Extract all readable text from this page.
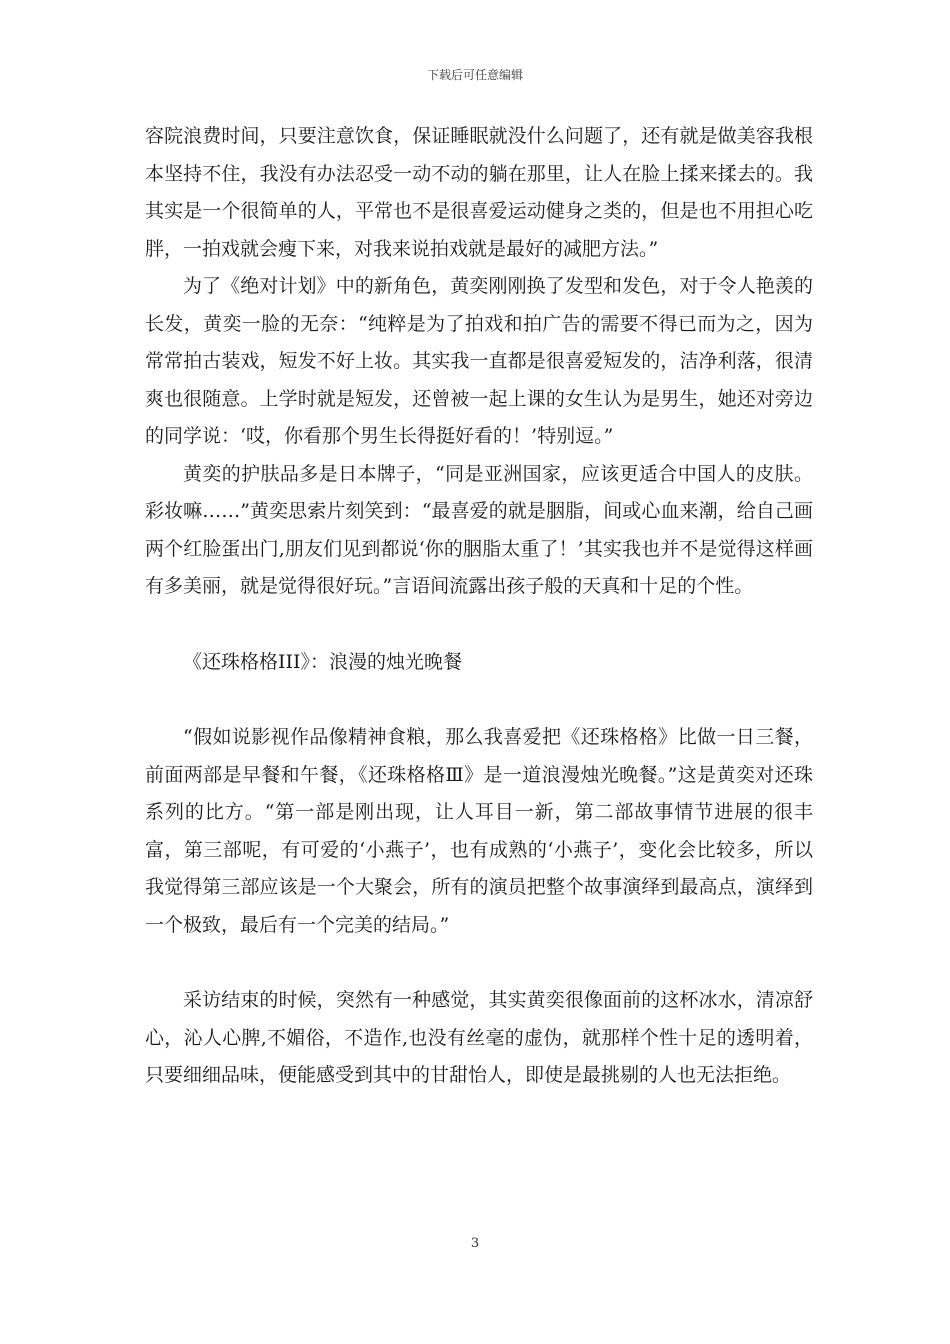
下载后可任意编辑

容院浪费时间，只要注意饮食，保证睡眠就没什么问题了，还有就是做美容我根本坚持不住，我没有办法忍受一动不动的躺在那里，让人在脸上揉来揉去的。我其实是一个很简单的人，平常也不是很喜爱运动健身之类的，但是也不用担心吃胖，一拍戏就会瘦下来，对我来说拍戏就是最好的减肥方法。”

为了《绝对计划》中的新角色，黄奕刚刚换了发型和发色，对于令人艳羡的长发，黄奕一脸的无奈：“纯粹是为了拍戏和拍广告的需要不得已而为之，因为常常拍古装戏，短发不好上妆。其实我一直都是很喜爱短发的，洁净利落，很清爽也很随意。上学时就是短发，还曾被一起上课的女生认为是男生，她还对旁边的同学说：‘哎，你看那个男生长得挺好看的！’特别逗。”

黄奕的护肤品多是日本牌子，“同是亚洲国家，应该更适合中国人的皮肤。彩妆嘛……”黄奕思索片刻笑到：“最喜爱的就是胭脂，间或心血来潮，给自己画两个红脸蛋出门,朋友们见到都说‘你的胭脂太重了！’其实我也并不是觉得这样画有多美丽，就是觉得很好玩。”言语间流露出孩子般的天真和十足的个性。

《还珠格格III》：浪漫的烛光晚餐

“假如说影视作品像精神食粮，那么我喜爱把《还珠格格》比做一日三餐，前面两部是早餐和午餐，《还珠格格Ⅲ》是一道浪漫烛光晚餐。”这是黄奕对还珠系列的比方。“第一部是刚出现，让人耳目一新，第二部故事情节进展的很丰富，第三部呢，有可爱的‘小燕子’，也有成熟的‘小燕子’，变化会比较多，所以我觉得第三部应该是一个大聚会，所有的演员把整个故事演绎到最高点，演绎到一个极致，最后有一个完美的结局。”

采访结束的时候，突然有一种感觉，其实黄奕很像面前的这杯冰水，清凉舒心，沁人心脾,不媚俗，不造作,也没有丝毫的虚伪，就那样个性十足的透明着，只要细细品味，便能感受到其中的甘甜怡人，即使是最挑剔的人也无法拒绝。

3
